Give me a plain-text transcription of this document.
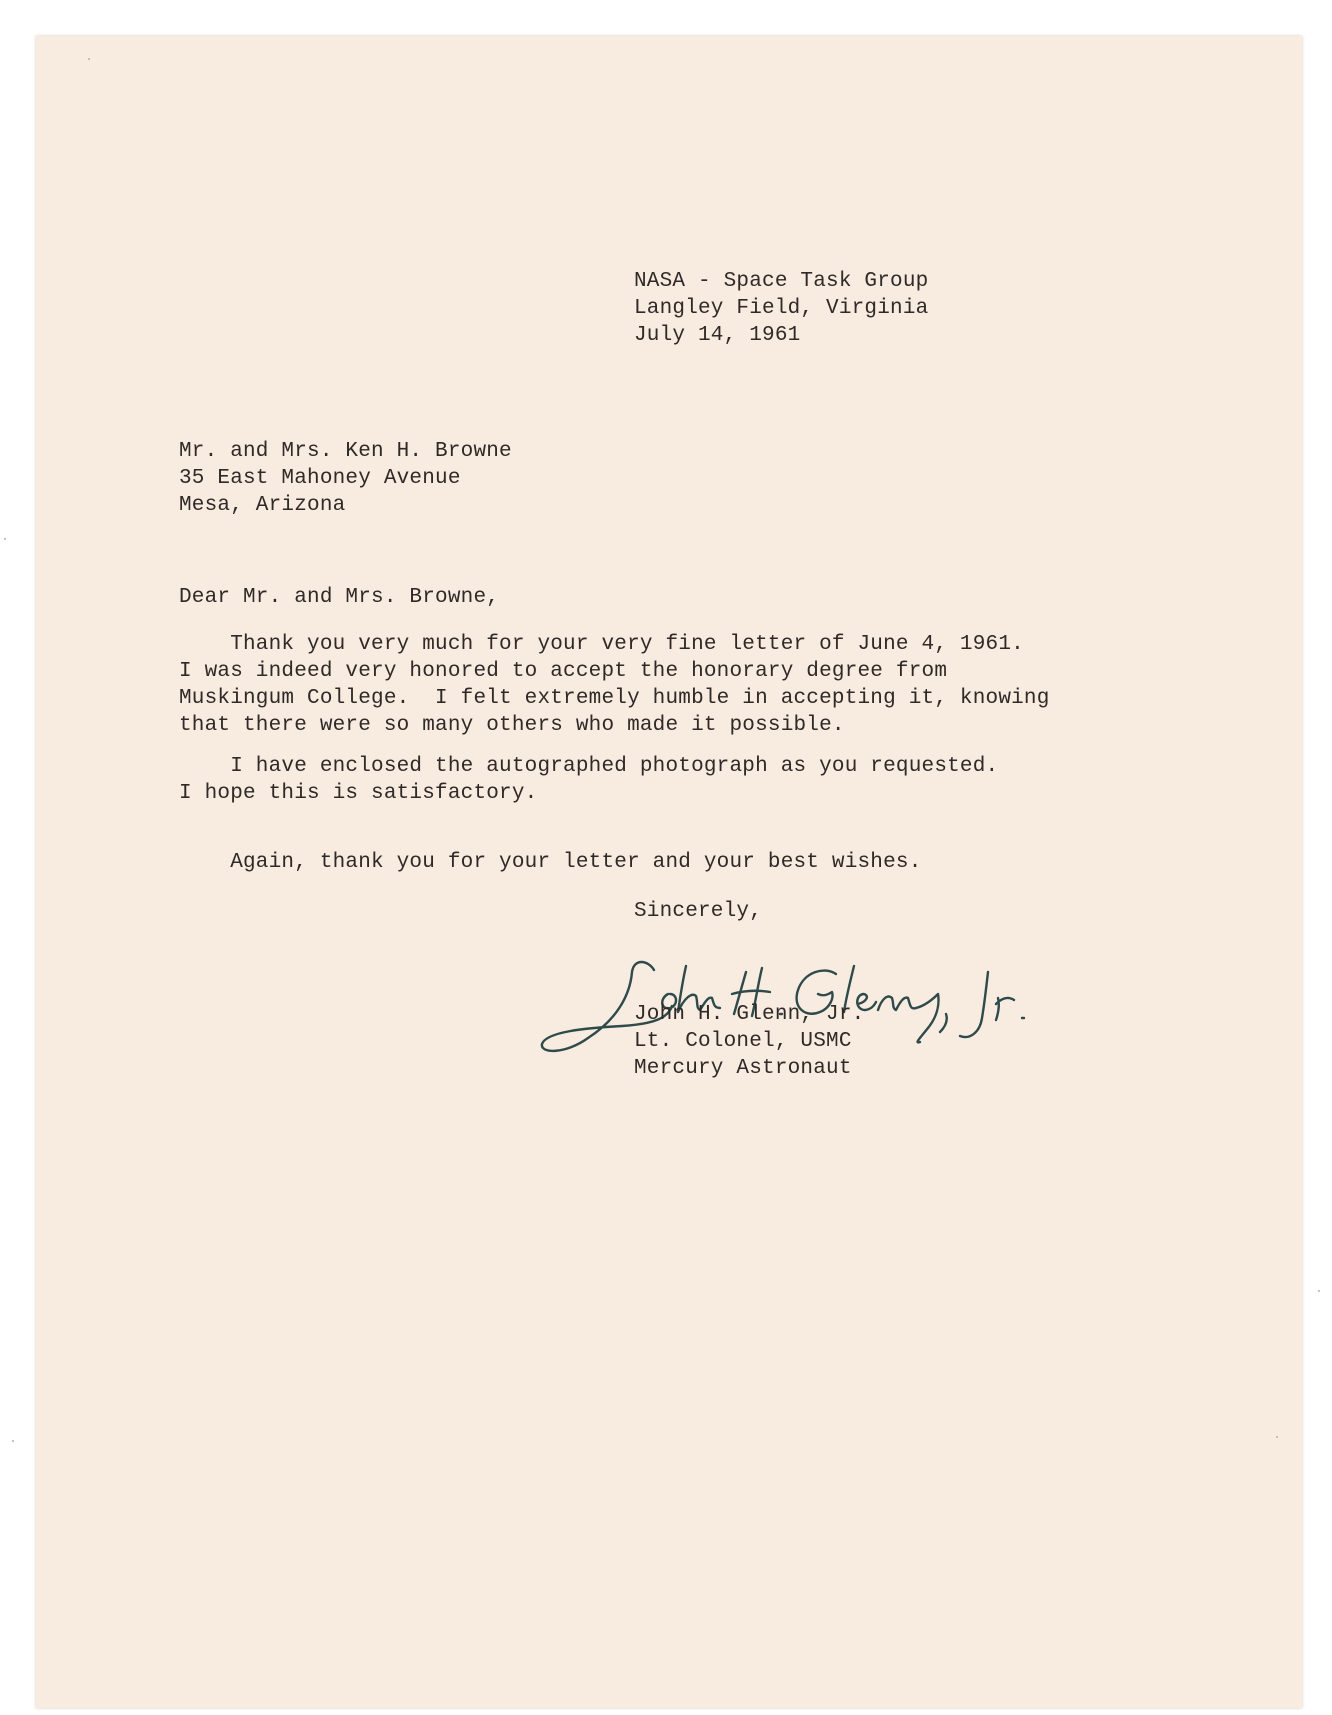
NASA - Space Task Group
Langley Field, Virginia
July 14, 1961
Mr. and Mrs. Ken H. Browne
35 East Mahoney Avenue
Mesa, Arizona
Dear Mr. and Mrs. Browne,
Thank you very much for your very fine letter of June 4, 1961.
I was indeed very honored to accept the honorary degree from
Muskingum College.  I felt extremely humble in accepting it, knowing
that there were so many others who made it possible.
I have enclosed the autographed photograph as you requested.
I hope this is satisfactory.
Again, thank you for your letter and your best wishes.
Sincerely,
John H. Glenn, Jr.
Lt. Colonel, USMC
Mercury Astronaut
